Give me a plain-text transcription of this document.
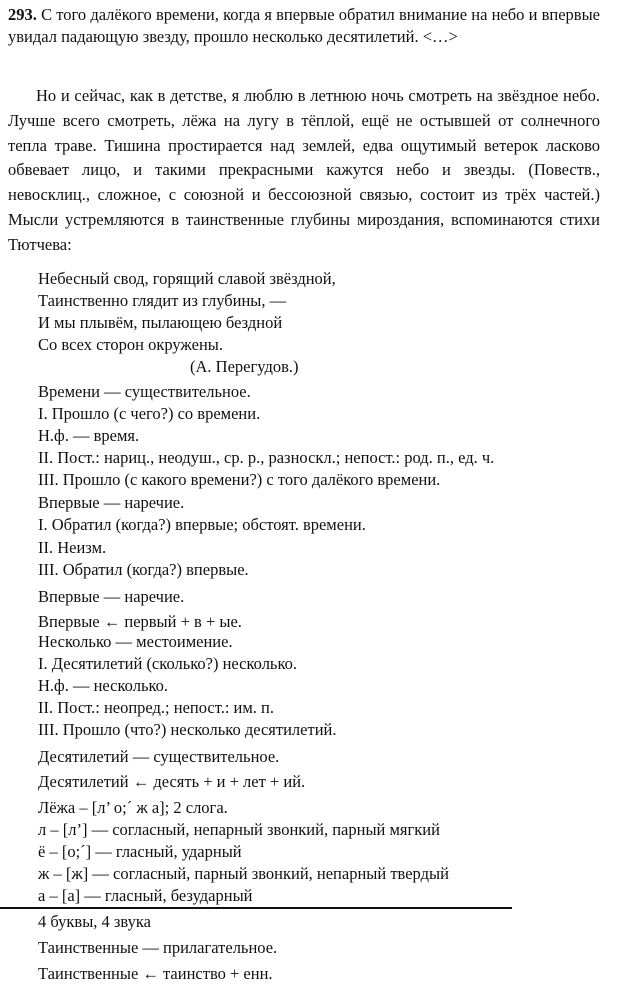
293. С того далёкого времени, когда я впервые обратил внимание на небо и впервые увидал падающую звезду, прошло несколько десятилетий. <…>
Но и сейчас, как в детстве, я люблю в летнюю ночь смотреть на звёздное небо. Лучше всего смотреть, лёжа на лугу в тёплой, ещё не остывшей от солнечного тепла траве. Тишина простирается над землей, едва ощутимый ветерок ласково обвевает лицо, и такими прекрасными кажутся небо и звезды. (Повеств., невосклиц., сложное, с союзной и бессоюзной связью, состоит из трёх частей.) Мысли устремляются в таинственные глубины мироздания, вспоминаются стихи Тютчева:
Небесный свод, горящий славой звёздной,
Таинственно глядит из глубины, —
И мы плывём, пылающею бездной
Со всех сторон окружены.
(А. Перегудов.)
Времени — существительное.
I. Прошло (с чего?) со времени.
Н.ф. — время.
II. Пост.: нариц., неодуш., ср. р., разноскл.; непост.: род. п., ед. ч.
III. Прошло (с какого времени?) с того далёкого времени.
Впервые — наречие.
I. Обратил (когда?) впервые; обстоят. времени.
II. Неизм.
III. Обратил (когда?) впервые.
Впервые — наречие.
Впервые ← первый + в + ые.
Несколько — местоимение.
I. Десятилетий (сколько?) несколько.
Н.ф. — несколько.
II. Пост.: неопред.; непост.: им. п.
III. Прошло (что?) несколько десятилетий.
Десятилетий — существительное.
Десятилетий ← десять + и + лет + ий.
Лёжа – [л’ о;´ ж а]; 2 слога.
л – [л’] — согласный, непарный звонкий, парный мягкий
ё – [о;´] — гласный, ударный
ж – [ж] — согласный, парный звонкий, непарный твердый
а – [а] — гласный, безударный
4 буквы, 4 звука
Таинственные — прилагательное.
Таинственные ← таинство + енн.
